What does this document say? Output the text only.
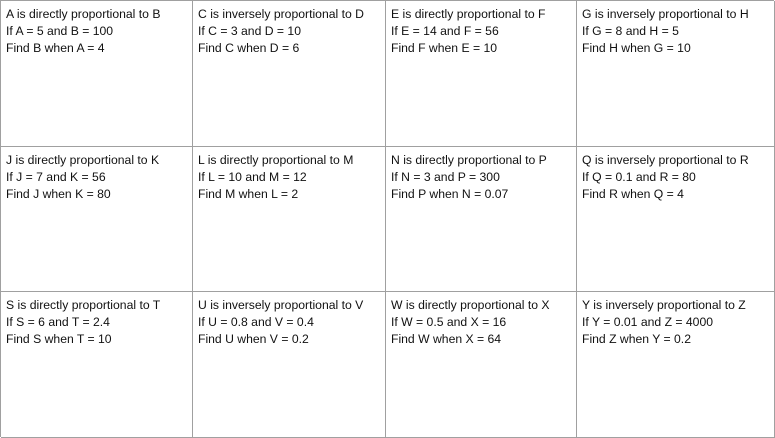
A is directly proportional to B
If A = 5 and B = 100
Find B when A = 4
C is inversely proportional to D
If C = 3 and D = 10
Find C when D = 6
E is directly proportional to F
If E = 14 and F = 56
Find F when E = 10
G is inversely proportional to H
If G = 8 and H = 5
Find H when G = 10
J is directly proportional to K
If J = 7 and K = 56
Find J when K = 80
L is directly proportional to M
If L = 10 and M = 12
Find M when L = 2
N is directly proportional to P
If N = 3 and P = 300
Find P when N = 0.07
Q is inversely proportional to R
If Q = 0.1 and R = 80
Find R when Q = 4
S is directly proportional to T
If S = 6 and T = 2.4
Find S when T = 10
U is inversely proportional to V
If U = 0.8 and V = 0.4
Find U when V = 0.2
W is directly proportional to X
If W = 0.5 and X = 16
Find W when X = 64
Y is inversely proportional to Z
If Y = 0.01 and Z = 4000
Find Z when Y = 0.2
